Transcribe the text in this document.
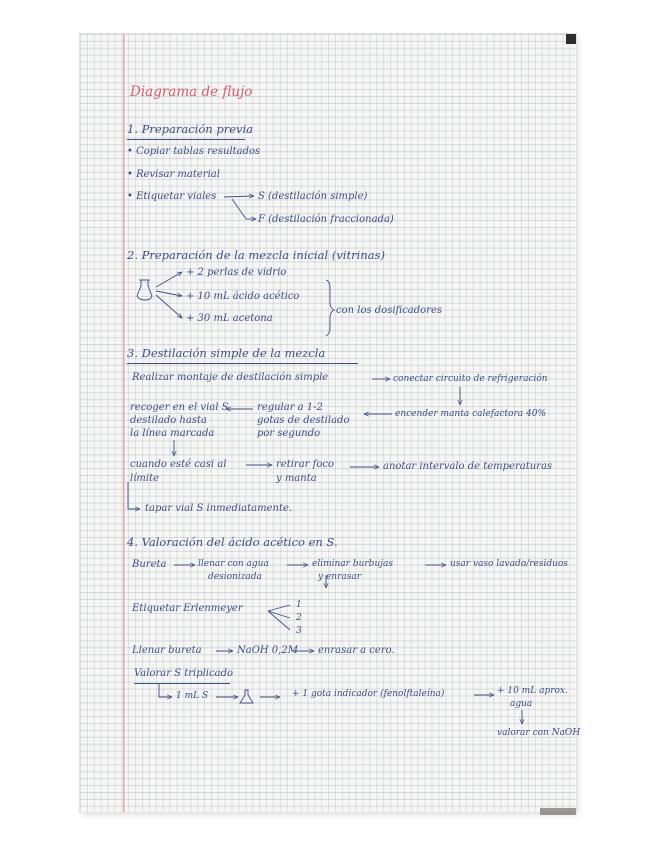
Diagrama de flujo
1. Preparación previa
• Copiar tablas resultados
• Revisar material
• Etiquetar viales	S (destilación simple)
F (destilación fraccionada)
2. Preparación de la mezcla inicial (vitrinas)
+ 2 perlas de vidrio
+ 10 mL ácido acético
+ 30 mL acetona
con los dosificadores
3. Destilación simple de la mezcla
Realizar montaje de destilación simple	conectar circuito de refrigeración
encender manta calefactora 40%
regular a 1-2
gotas de destilado
por segundo
recoger en el vial S
destilado hasta
la línea marcada
cuando esté casi al
límite
retirar foco
y manta
anotar intervalo de temperaturas
tapar vial S inmediatamente.
4. Valoración del ácido acético en S.
Bureta	llenar con agua
desionizada
eliminar burbujas
y enrasar
usar vaso lavado/residuos
Etiquetar Erlenmeyer	1
2
3
Llenar bureta	NaOH 0,2M enrasar a cero.
Valorar S triplicado
1 mL S	+ 1 gota indicador (fenolftaleína)	+ 10 mL aprox.
agua
valorar con NaOH
